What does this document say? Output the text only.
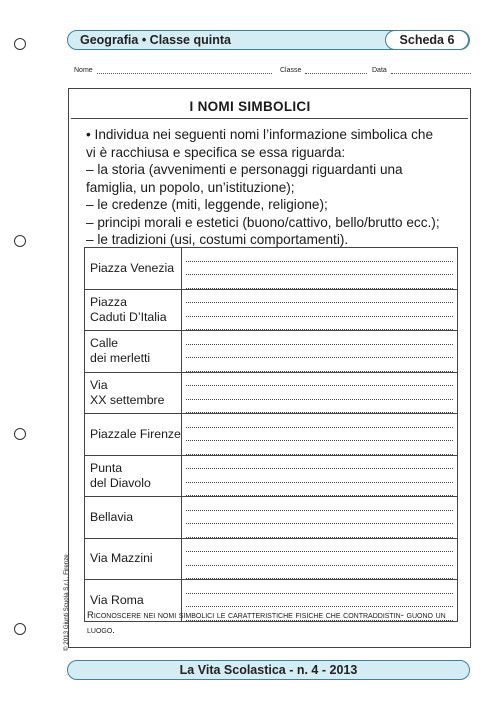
Geografia • Classe quinta	Scheda 6
Nome	Classe	Data
I NOMI SIMBOLICI
• Individua nei seguenti nomi l’informazione simbolica che
vi è racchiusa e specifica se essa riguarda:
– la storia (avvenimenti e personaggi riguardanti una
famiglia, un popolo, un’istituzione);
– le credenze (miti, leggende, religione);
– principi morali e estetici (buono/cattivo, bello/brutto ecc.);
– le tradizioni (usi, costumi comportamenti).
Piazza Venezia	

Piazza
Caduti D’Italia	

Calle
dei merletti	

Via
XX settembre	

Piazzale Firenze	

Punta
del Diavolo	

Bellavia	

Via Mazzini	

Via Roma	

Riconoscere nei nomi simbolici le caratteristiche fisiche che contraddistin- guono un luogo.
La Vita Scolastica - n. 4 - 2013
© 2013 Giunti Scuola S.r.l., Firenze
